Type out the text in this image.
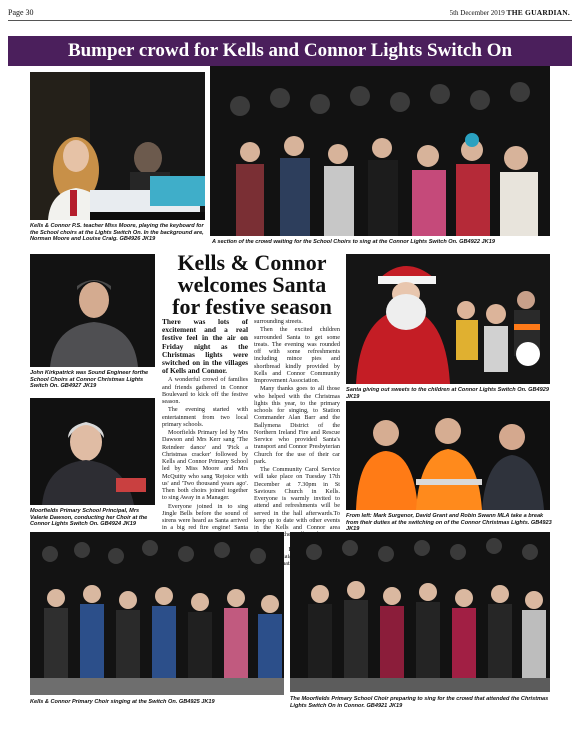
Page 30	5th December 2019 THE GUARDIAN.
Bumper crowd for Kells and Connor Lights Switch On
Kells & Connor P.S. teacher Miss Moore, playing the keyboard for the School choirs at the Lights Switch On. In the background are, Norman Moore and Louise Craig. GB4926 JK19	A section of the crowd waiting for the School Choirs to sing at the Connor Lights Switch On. GB4922 JK19
John Kirkpatrick was Sound Engineer forthe School Choirs at Connor Christmas Lights Switch On. GB4927 JK19
Moorfields Primary School Principal, Mrs Valerie Dawson, conducting her Choir at the Connor Lights Switch On. GB4924 JK19
Kells & Connor
welcomes Santa
for festive season

There was lots of excitement and a real festive feel in the air on Friday night as the Christmas lights were switched on in the villages of Kells and Connor.

A wonderful crowd of families and friends gathered in Connor Boulevard to kick off the festive season.

The evening started with entertainment from two local primary schools.

Moorfields Primary led by Mrs Dawson and Mrs Kerr sang 'The Reindeer dance' and 'Pick a Christmas cracker' followed by Kells and Connor Primary School led by Miss Moore and Mrs McQuitty who sang 'Rejoice with us' and 'Two thousand years ago'. Then both choirs joined together to sing Away in a Manager.

Everyone joined in to sing Jingle Bells before the sound of sirens were heard as Santa arrived in a big red fire engine! Santa

surrounding streets.

Then the excited children surrounded Santa to get some treats. The evening was rounded off with some refreshments including mince pies and shortbread kindly provided by Kells and Connor Community Improvement Association.

Many thanks goes to all those who helped with the Christmas lights this year, to the primary schools for singing, to Station Commander Alan Barr and the Ballymena District of the Northern Ireland Fire and Rescue Service who provided Santa's transport and Connor Presbyterian Church for the use of their car park.

The Community Carol Service will take place on Tuesday 17th December at 7.30pm in St Saviours Church in Kells. Everyone is warmly invited to attend and refreshments will be served in the hall afterwards.To keep up to date with other events in the Kells and Connor area the

Santa giving out sweets to the children at Connor Lights Switch On. GB4929 JK19
From left: Mark Surgenor, David Grant and Robin Swann MLA take a break from their duties at the switching on of the Connor Christmas Lights. GB4923 JK19
Kells & Connor Primary Choir singing at the Switch On. GB4925 JK19	The Moorfields Primary School Choir preparing to sing for the crowd that attended the Christmas Lights Switch On in Connor. GB4921 JK19
